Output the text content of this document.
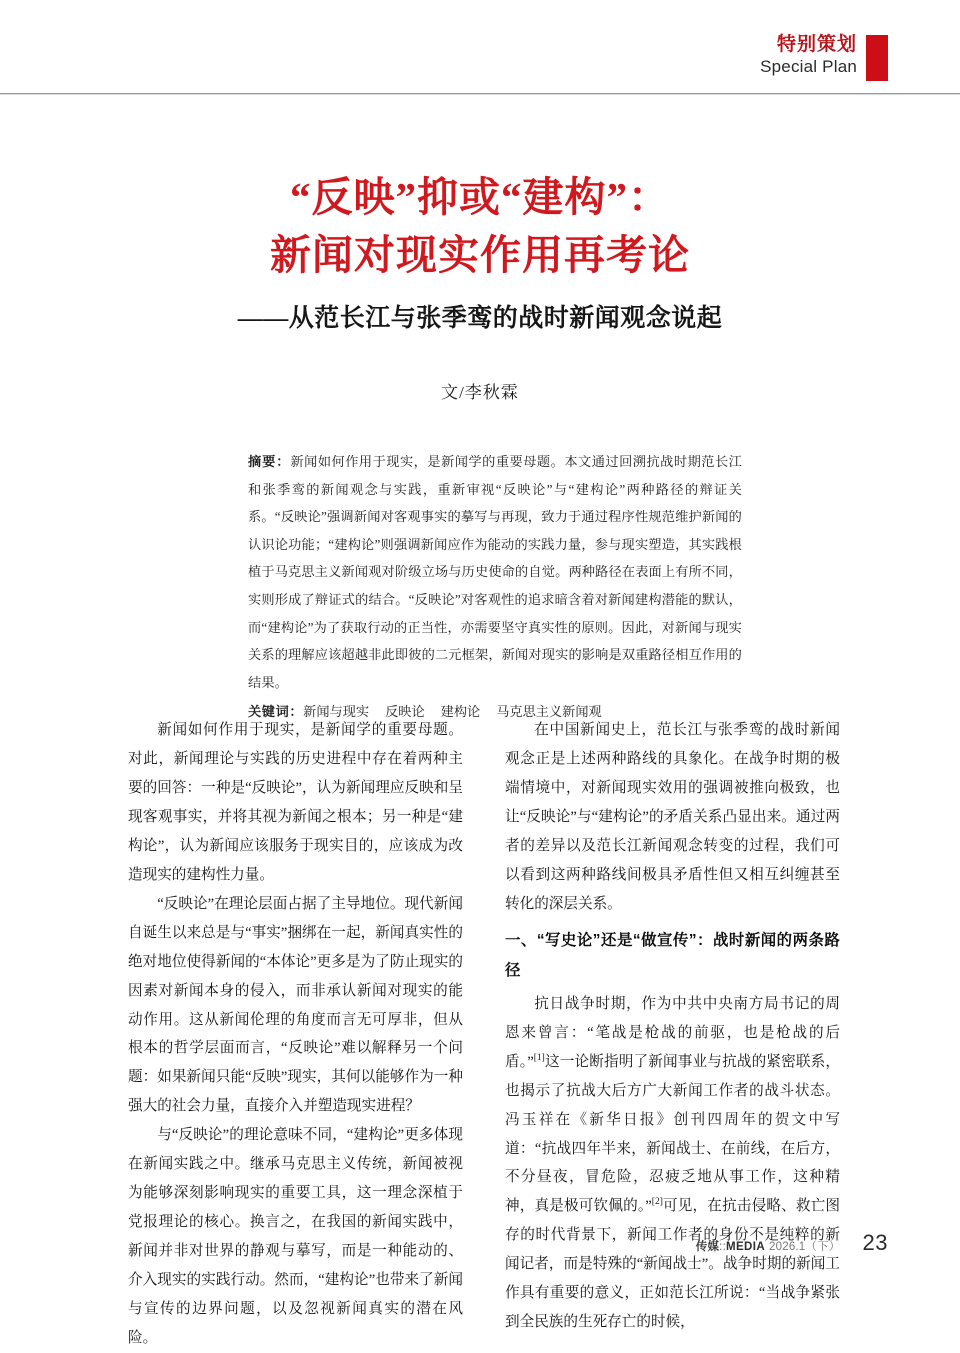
特别策划
Special Plan
“反映”抑或“建构”：
新闻对现实作用再考论
——从范长江与张季鸾的战时新闻观念说起
文/李秋霖
摘要：新闻如何作用于现实，是新闻学的重要母题。本文通过回溯抗战时期范长江和张季鸾的新闻观念与实践，重新审视“反映论”与“建构论”两种路径的辩证关系。“反映论”强调新闻对客观事实的摹写与再现，致力于通过程序性规范维护新闻的认识论功能；“建构论”则强调新闻应作为能动的实践力量，参与现实塑造，其实践根植于马克思主义新闻观对阶级立场与历史使命的自觉。两种路径在表面上有所不同，实则形成了辩证式的结合。“反映论”对客观性的追求暗含着对新闻建构潜能的默认，而“建构论”为了获取行动的正当性，亦需要坚守真实性的原则。因此，对新闻与现实关系的理解应该超越非此即彼的二元框架，新闻对现实的影响是双重路径相互作用的结果。
关键词：新闻与现实 反映论 建构论 马克思主义新闻观

新闻如何作用于现实，是新闻学的重要母题。对此，新闻理论与实践的历史进程中存在着两种主要的回答：一种是“反映论”，认为新闻理应反映和呈现客观事实，并将其视为新闻之根本；另一种是“建构论”，认为新闻应该服务于现实目的，应该成为改造现实的建构性力量。

“反映论”在理论层面占据了主导地位。现代新闻自诞生以来总是与“事实”捆绑在一起，新闻真实性的绝对地位使得新闻的“本体论”更多是为了防止现实的因素对新闻本身的侵入，而非承认新闻对现实的能动作用。这从新闻伦理的角度而言无可厚非，但从根本的哲学层面而言，“反映论”难以解释另一个问题：如果新闻只能“反映”现实，其何以能够作为一种强大的社会力量，直接介入并塑造现实进程？

与“反映论”的理论意味不同，“建构论”更多体现在新闻实践之中。继承马克思主义传统，新闻被视为能够深刻影响现实的重要工具，这一理念深植于党报理论的核心。换言之，在我国的新闻实践中，新闻并非对世界的静观与摹写，而是一种能动的、介入现实的实践行动。然而，“建构论”也带来了新闻与宣传的边界问题，以及忽视新闻真实的潜在风险。

在中国新闻史上，范长江与张季鸾的战时新闻观念正是上述两种路线的具象化。在战争时期的极端情境中，对新闻现实效用的强调被推向极致，也让“反映论”与“建构论”的矛盾关系凸显出来。通过两者的差异以及范长江新闻观念转变的过程，我们可以看到这两种路线间极具矛盾性但又相互纠缠甚至转化的深层关系。

一、“写史论”还是“做宣传”：战时新闻的两条路径

抗日战争时期，作为中共中央南方局书记的周恩来曾言：“笔战是枪战的前驱，也是枪战的后盾。”[1]这一论断指明了新闻事业与抗战的紧密联系，也揭示了抗战大后方广大新闻工作者的战斗状态。冯玉祥在《新华日报》创刊四周年的贺文中写道：“抗战四年半来，新闻战士、在前线，在后方，不分昼夜，冒危险，忍疲乏地从事工作，这种精神，真是极可钦佩的。”[2]可见，在抗击侵略、救亡图存的时代背景下，新闻工作者的身份不是纯粹的新闻记者，而是特殊的“新闻战士”。战争时期的新闻工作具有重要的意义，正如范长江所说：“当战争紧张到全民族的生死存亡的时候，

传媒::MEDIA 2026.1（下） 23
